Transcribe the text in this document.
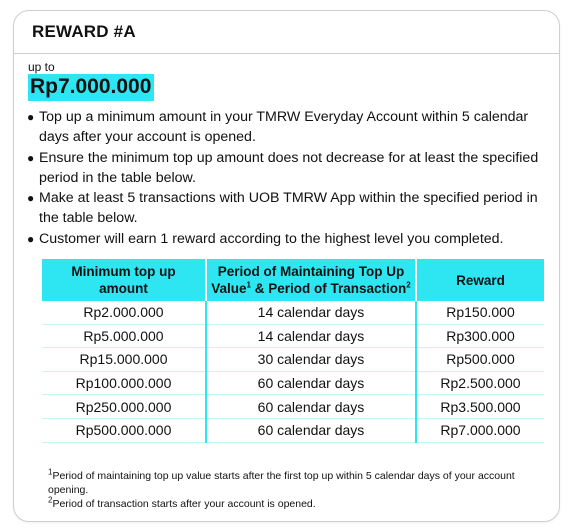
REWARD #A
up to
Rp7.000.000
● Top up a minimum amount in your TMRW Everyday Account within 5 calendar days after your account is opened.
● Ensure the minimum top up amount does not decrease for at least the specified period in the table below.
● Make at least 5 transactions with UOB TMRW App within the specified period in the table below.
● Customer will earn 1 reward according to the highest level you completed.
Minimum top up amount	Period of Maintaining Top Up Value$^1$ & Period of Transaction$^2$	Reward
Rp2.000.000	14 calendar days	Rp150.000
Rp5.000.000	14 calendar days	Rp300.000
Rp15.000.000	30 calendar days	Rp500.000
Rp100.000.000	60 calendar days	Rp2.500.000
Rp250.000.000	60 calendar days	Rp3.500.000
Rp500.000.000	60 calendar days	Rp7.000.000
$^1$Period of maintaining top up value starts after the first top up within 5 calendar days of your account opening.
$^2$Period of transaction starts after your account is opened.
